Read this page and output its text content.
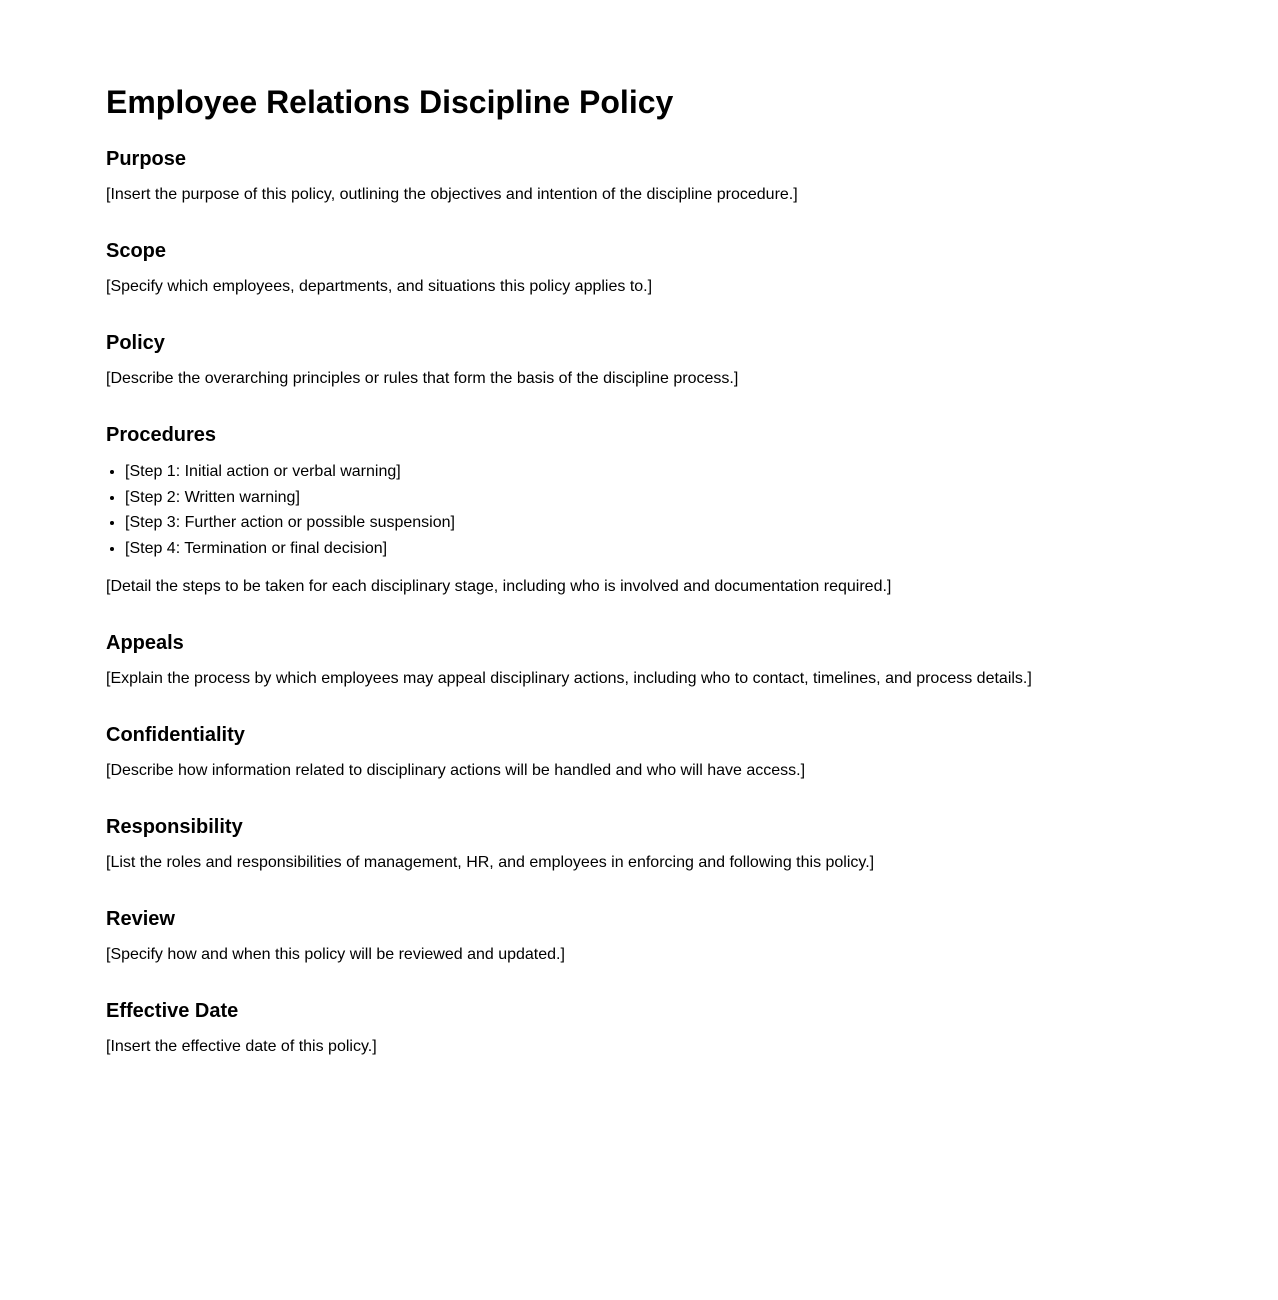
Employee Relations Discipline Policy
Purpose

[Insert the purpose of this policy, outlining the objectives and intention of the discipline procedure.]

Scope

[Specify which employees, departments, and situations this policy applies to.]

Policy

[Describe the overarching principles or rules that form the basis of the discipline process.]

Procedures
• [Step 1: Initial action or verbal warning]
• [Step 2: Written warning]
• [Step 3: Further action or possible suspension]
• [Step 4: Termination or final decision]

[Detail the steps to be taken for each disciplinary stage, including who is involved and documentation required.]

Appeals

[Explain the process by which employees may appeal disciplinary actions, including who to contact, timelines, and process details.]

Confidentiality

[Describe how information related to disciplinary actions will be handled and who will have access.]

Responsibility

[List the roles and responsibilities of management, HR, and employees in enforcing and following this policy.]

Review

[Specify how and when this policy will be reviewed and updated.]

Effective Date

[Insert the effective date of this policy.]
